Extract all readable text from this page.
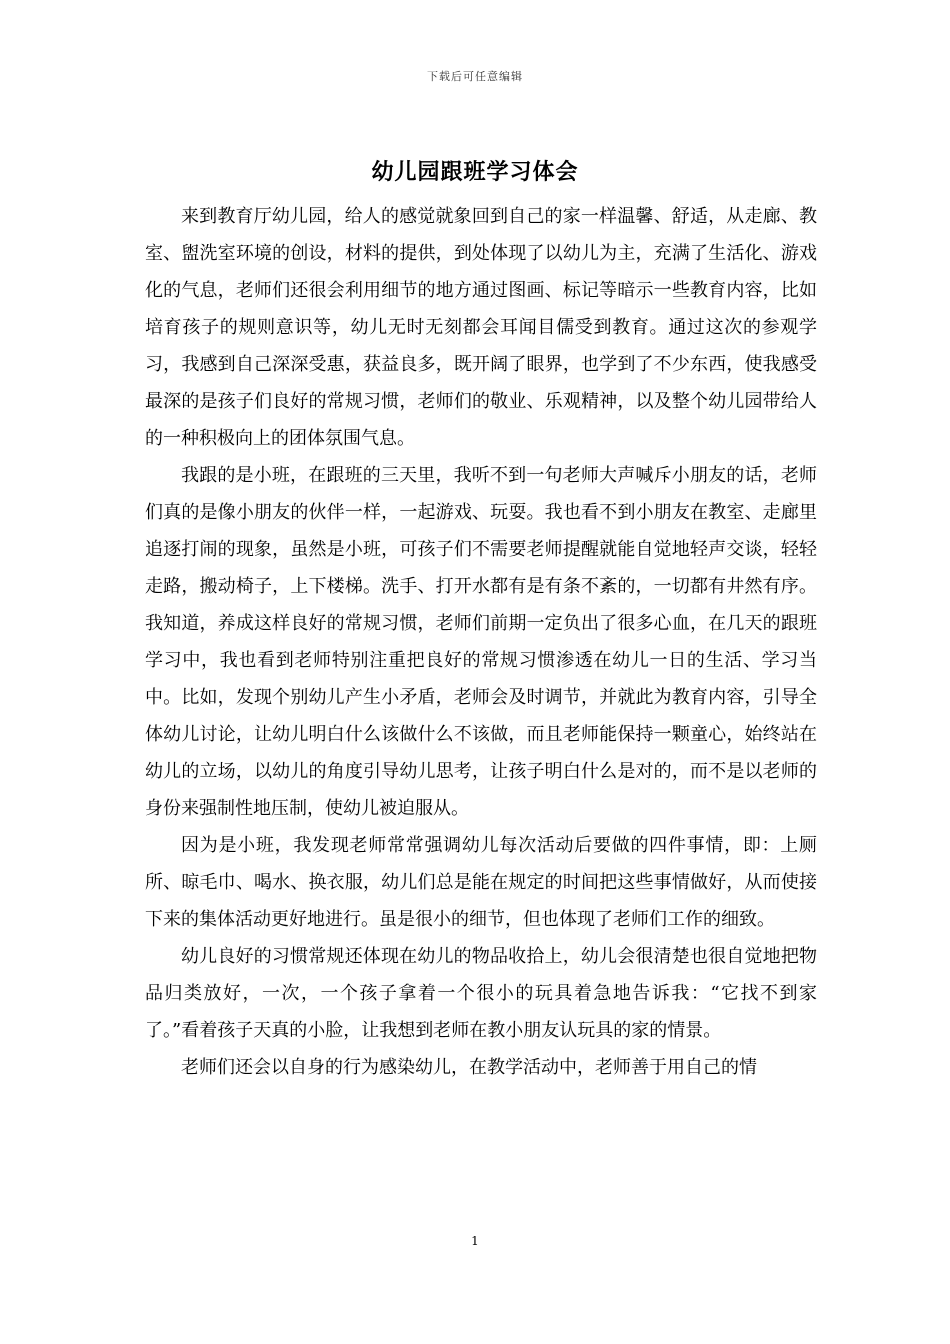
下载后可任意编辑
幼儿园跟班学习体会

来到教育厅幼儿园，给人的感觉就象回到自己的家一样温馨、舒适，从走廊、教室、盥洗室环境的创设，材料的提供，到处体现了以幼儿为主，充满了生活化、游戏化的气息，老师们还很会利用细节的地方通过图画、标记等暗示一些教育内容，比如培育孩子的规则意识等，幼儿无时无刻都会耳闻目儒受到教育。通过这次的参观学习，我感到自己深深受惠，获益良多，既开阔了眼界，也学到了不少东西，使我感受最深的是孩子们良好的常规习惯，老师们的敬业、乐观精神，以及整个幼儿园带给人的一种积极向上的团体氛围气息。

我跟的是小班，在跟班的三天里，我听不到一句老师大声喊斥小朋友的话，老师们真的是像小朋友的伙伴一样，一起游戏、玩耍。我也看不到小朋友在教室、走廊里追逐打闹的现象，虽然是小班，可孩子们不需要老师提醒就能自觉地轻声交谈，轻轻走路，搬动椅子，上下楼梯。洗手、打开水都有是有条不紊的，一切都有井然有序。我知道，养成这样良好的常规习惯，老师们前期一定负出了很多心血，在几天的跟班学习中，我也看到老师特别注重把良好的常规习惯渗透在幼儿一日的生活、学习当中。比如，发现个别幼儿产生小矛盾，老师会及时调节，并就此为教育内容，引导全体幼儿讨论，让幼儿明白什么该做什么不该做，而且老师能保持一颗童心，始终站在幼儿的立场，以幼儿的角度引导幼儿思考，让孩子明白什么是对的，而不是以老师的身份来强制性地压制，使幼儿被迫服从。

因为是小班，我发现老师常常强调幼儿每次活动后要做的四件事情，即：上厕所、晾毛巾、喝水、换衣服，幼儿们总是能在规定的时间把这些事情做好，从而使接下来的集体活动更好地进行。虽是很小的细节，但也体现了老师们工作的细致。

幼儿良好的习惯常规还体现在幼儿的物品收拾上，幼儿会很清楚也很自觉地把物品归类放好，一次，一个孩子拿着一个很小的玩具着急地告诉我：“它找不到家了。”看着孩子天真的小脸，让我想到老师在教小朋友认玩具的家的情景。

老师们还会以自身的行为感染幼儿，在教学活动中，老师善于用自己的情

1
